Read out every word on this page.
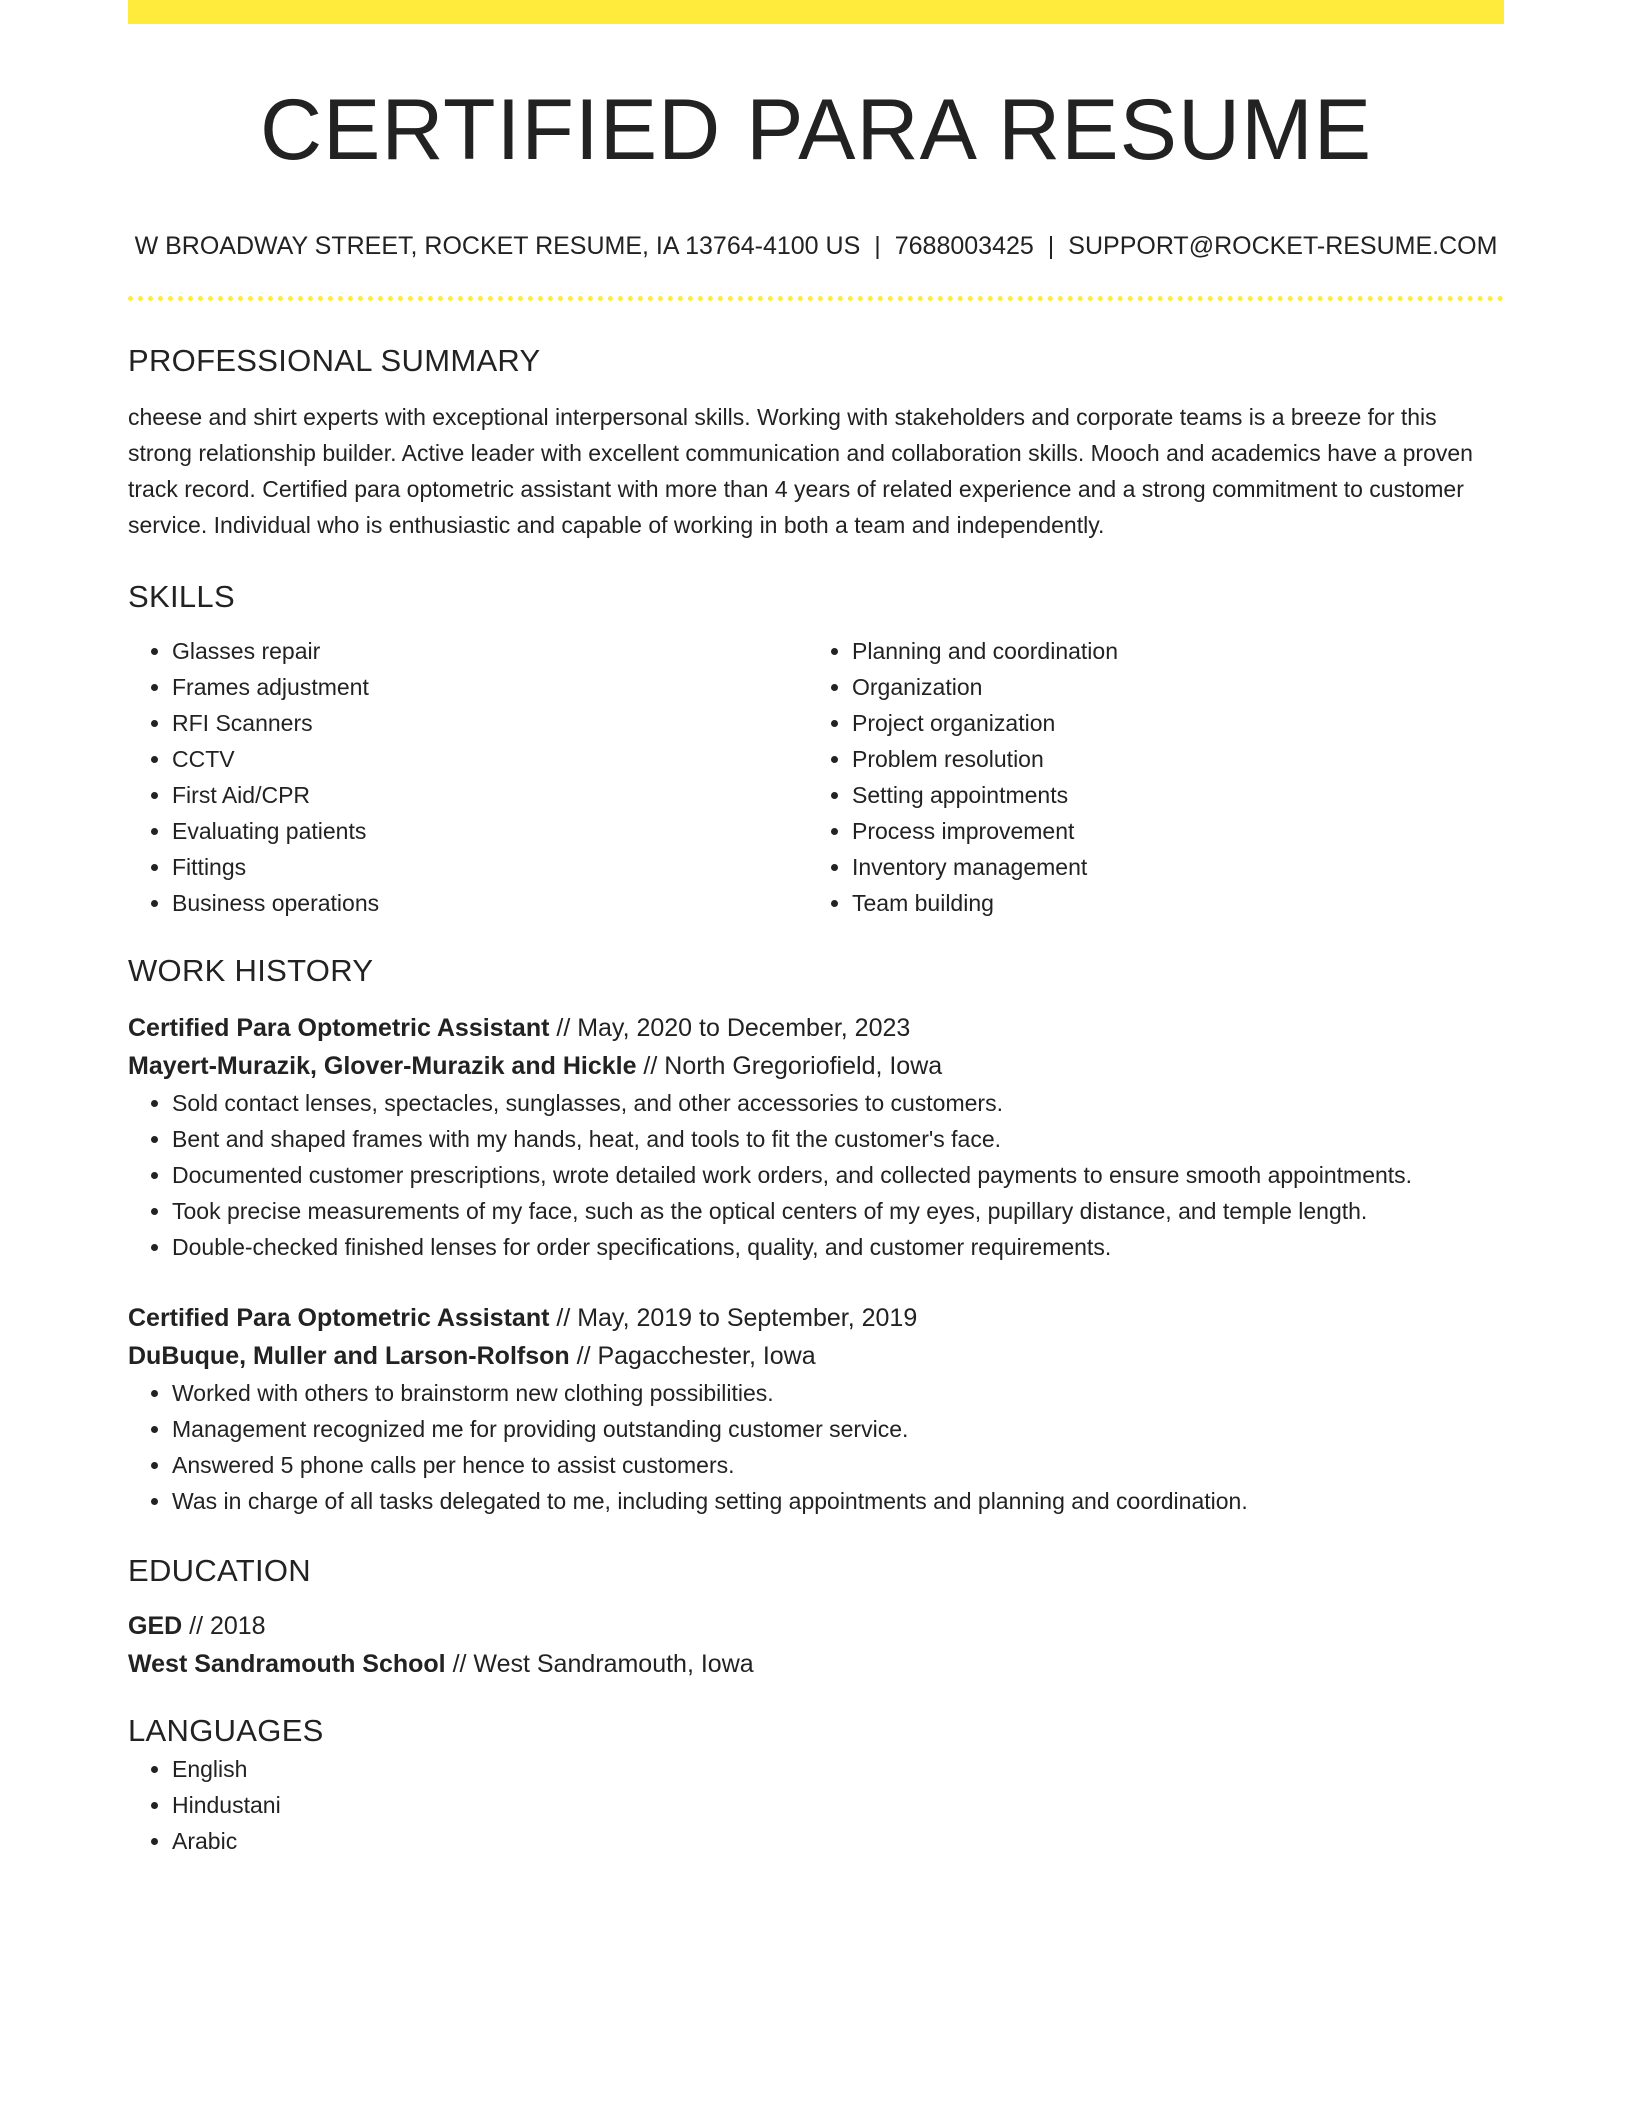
CERTIFIED PARA RESUME
W BROADWAY STREET, ROCKET RESUME, IA 13764-4100 US | 7688003425 | SUPPORT@ROCKET-RESUME.COM
PROFESSIONAL SUMMARY
cheese and shirt experts with exceptional interpersonal skills. Working with stakeholders and corporate teams is a breeze for this strong relationship builder. Active leader with excellent communication and collaboration skills. Mooch and academics have a proven track record. Certified para optometric assistant with more than 4 years of related experience and a strong commitment to customer service. Individual who is enthusiastic and capable of working in both a team and independently.
SKILLS
• Glasses repair
• Frames adjustment
• RFI Scanners
• CCTV
• First Aid/CPR
• Evaluating patients
• Fittings
• Business operations
• Planning and coordination
• Organization
• Project organization
• Problem resolution
• Setting appointments
• Process improvement
• Inventory management
• Team building
WORK HISTORY
Certified Para Optometric Assistant // May, 2020 to December, 2023
Mayert-Murazik, Glover-Murazik and Hickle // North Gregoriofield, Iowa
• Sold contact lenses, spectacles, sunglasses, and other accessories to customers.
• Bent and shaped frames with my hands, heat, and tools to fit the customer's face.
• Documented customer prescriptions, wrote detailed work orders, and collected payments to ensure smooth appointments.
• Took precise measurements of my face, such as the optical centers of my eyes, pupillary distance, and temple length.
• Double-checked finished lenses for order specifications, quality, and customer requirements.
Certified Para Optometric Assistant // May, 2019 to September, 2019
DuBuque, Muller and Larson-Rolfson // Pagacchester, Iowa
• Worked with others to brainstorm new clothing possibilities.
• Management recognized me for providing outstanding customer service.
• Answered 5 phone calls per hence to assist customers.
• Was in charge of all tasks delegated to me, including setting appointments and planning and coordination.
EDUCATION
GED // 2018
West Sandramouth School // West Sandramouth, Iowa
LANGUAGES
• English
• Hindustani
• Arabic
